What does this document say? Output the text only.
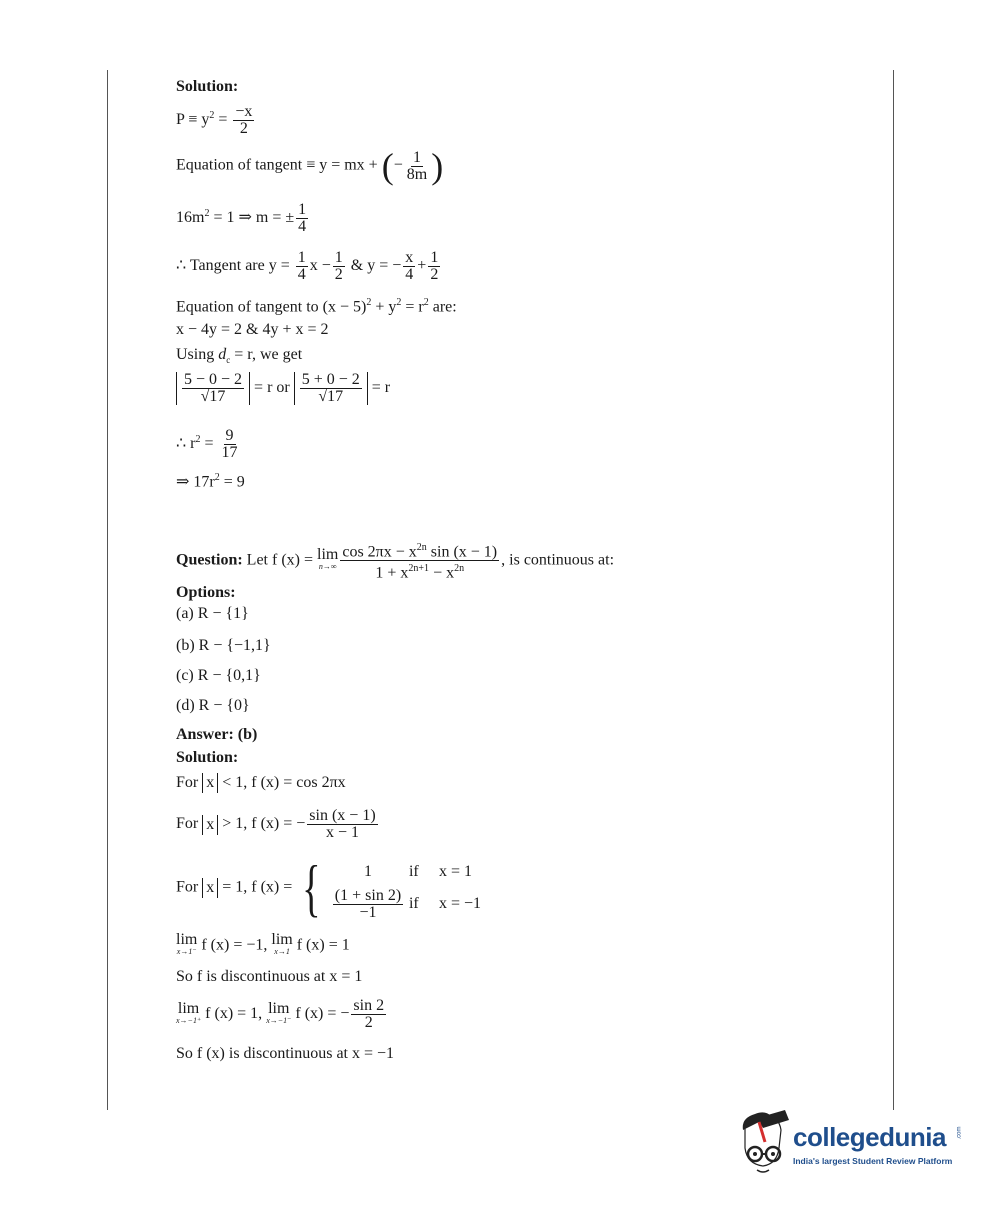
Solution:
$P \equiv y^2 = \frac{-x}{2}$
Equation of tangent ≡ y = mx + (− $\frac{1}{8m}$ )
$16m^2 = 1$ ⇒ m = ± $\frac{1}{4}$
∴ Tangent are $y = \frac{1}{4}$ $x - \frac{1}{2}$ & y = − $\frac{x}{4} + \frac{1}{2}$
Equation of tangent to $(x - 5)^2 + y^2 = r^2$ are:
x − 4y = 2 & 4y + x = 2
Using $d_c = r$, we get
$\frac{5 - 0 - 2}{√17} = r$ or $\frac{5 + 0 - 2}{√17} = r$
∴ $r^2 = \frac{9}{17}$
⇒ $17r^2 = 9$
Question: Let f (x) = lim
$n\to\infty \frac{\cos 2\pi x - x^{2n} \sin (x - 1)}{1 + x^{2n+1} - x^{2n}}$ , is continuous at:
Options:
(a) R − {1}
(b) R − {−1,1}
(c) R − {0,1}
(d) R − {0}
Answer: (b)
Solution:
For x < 1, f (x) = cos 2πx
For x > 1, f (x) = − $\frac{\sin (x - 1)}{x - 1}$
For x = 1, f (x) = {	1	if	x = 1
$\frac{(1 + \sin 2)}{-1}$ if	x = −1
lim
x→1⁻ f (x) = −1, lim
x→1 f (x) = 1
So f is discontinuous at x = 1
lim
x→−1⁺ f (x) = 1, lim
x→−1⁻ f (x) = − $\frac{\sin 2}{2}$
So f (x) is discontinuous at x = −1
collegedunia .com
India's largest Student Review Platform
